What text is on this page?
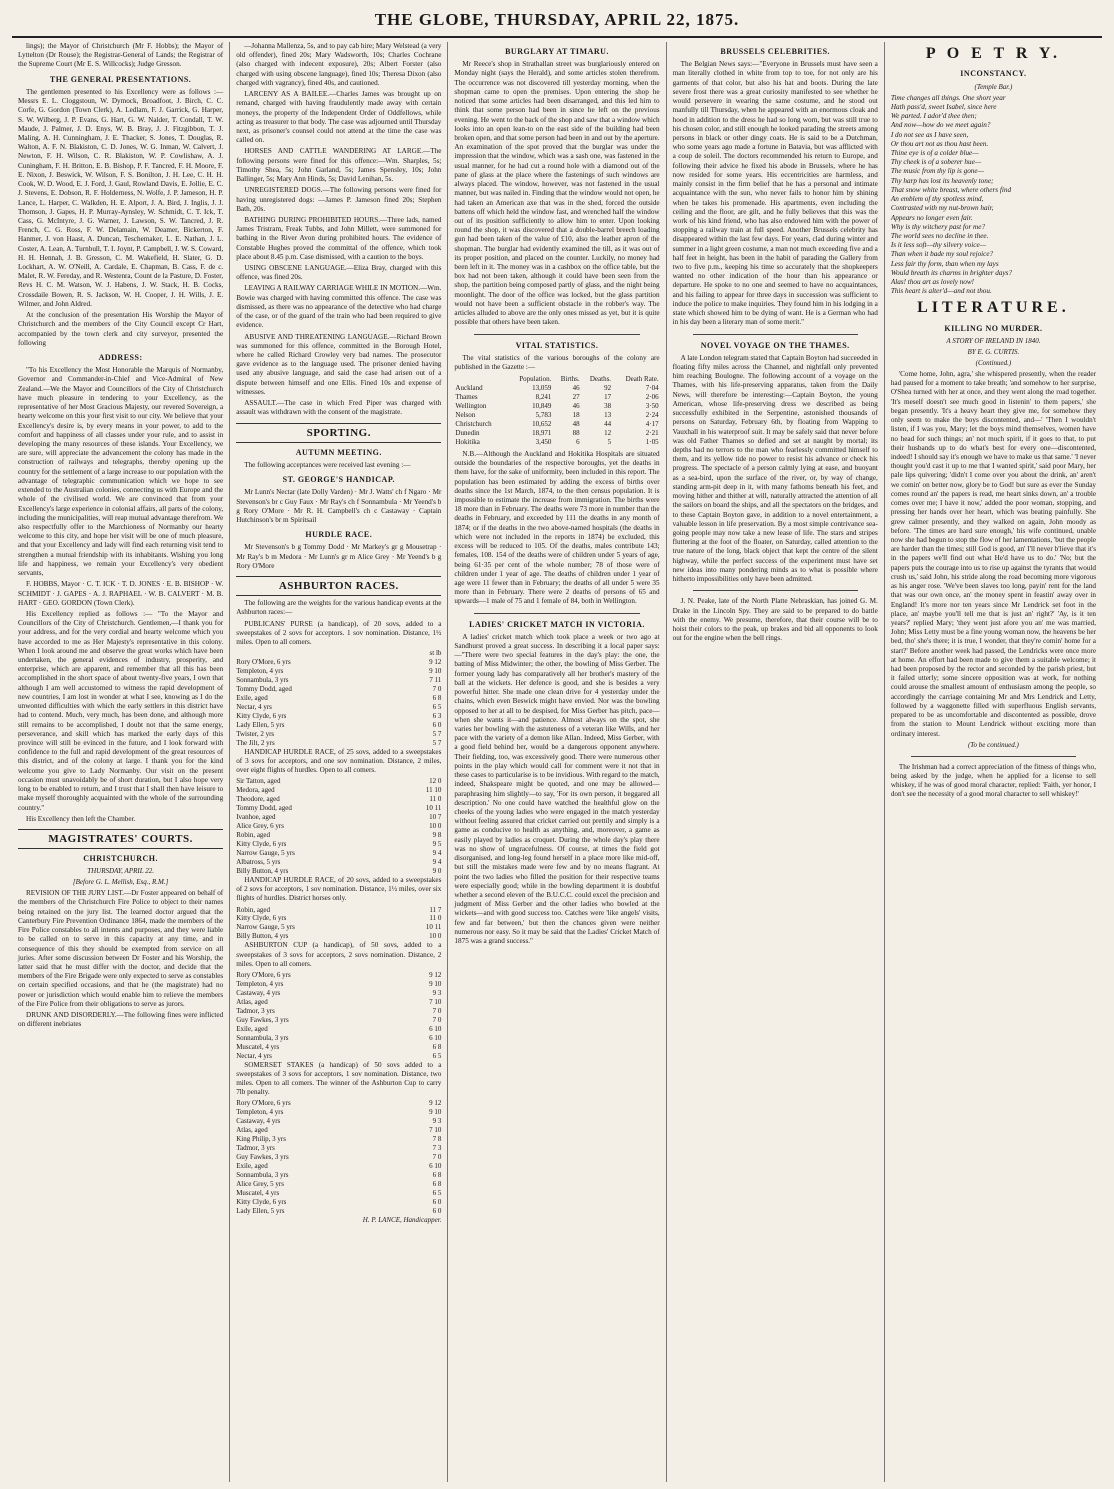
THE GLOBE, THURSDAY, APRIL 22, 1875.

lings); the Mayor of Christchurch (Mr F. Hobbs); the Mayor of Lyttelton (Dr Rouse); the Registrar-General of Lands; the Registrar of the Supreme Court (Mr E. S. Willcocks); Judge Gresson.

THE GENERAL PRESENTATIONS.

The gentlemen presented to his Excellency were as follows :— Messrs E. L. Cloggstoun, W. Dymock, Broadfoot, J. Birch, C. C. Corfe, G. Gordon (Town Clerk), A. Ledlam, F. J. Garrick, G. Harper, S. W. Wilberg, J. P. Evans, G. Hart, G. W. Nalder, T. Condall, T. W. Maude, J. Palmer, J. D. Enys, W. B. Bray, J. J. Fitzgibbon, T. J. Maling, A. H. Cunningham, J. E. Thacker, S. Jones, T. Douglas, R. Walton, A. F. N. Blakiston, C. D. Jones, W. G. Inman, W. Calvert, J. Newton, F. H. Wilson, C. R. Blakiston, W. P. Cowlishaw, A. J. Cuningham, F. H. Britton, E. B. Bishop, P. F. Tancred, F. H. Moore, F. E. Nixon, J. Beswick, W. Wilson, F. S. Bonilton, J. H. Lee, C. H. H. Cook, W. D. Wood, E. J. Ford, J. Gaul, Rowland Davis, E. Jollie, E. C. J. Stevens, E. Dobson, R. F. Holderness, N. Wolfe, J. P. Jameson, H. P. Lance, L. Harper, C. Walkden, H. E. Alport, J. A. Bird, J. Inglis, J. J. Thomson, J. Gapes, H. P. Murray-Aynsley, W. Schmidt, C. T. Ick, T. Cass, G. McIntyre, J. G. Warner, J. Lawson, S. W. Tancred, J. R. French, C. G. Ross, F. W. Delamain, W. Deamer, Bickerton, F. Hanmer, J. von Haast, A. Duncan, Teschemaker, L. E. Nathan, J. L. Coster, A. Lean, A. Turnbull, T. I. Joynt, P. Campbell, J. W. S. Coward, H. H. Hennah, J. B. Gresson, C. M. Wakefield, H. Slater, G. D. Lockhart, A. W. O'Neill, A. Cardale, E. Chapman, B. Cass, F. de c. Malet, R. W. Fereday, and R. Westenra, Count de la Pasture, D. Foster, Revs H. C. M. Watson, W. J. Habens, J. W. Stack, H. B. Cocks, Crossdaile Bowen, R. S. Jackson, W. H. Cooper, J. H. Wills, J. E. Wilmer, and John Aldred.

At the conclusion of the presentation His Worship the Mayor of Christchurch and the members of the City Council except Cr Hart, accompanied by the town clerk and city surveyor, presented the following

ADDRESS:

"To his Excellency the Most Honorable the Marquis of Normanby, Governor and Commander-in-Chief and Vice-Admiral of New Zealand.—We the Mayor and Councillors of the City of Christchurch have much pleasure in tendering to your Excellency, as the representative of her Most Gracious Majesty, our revered Sovereign, a hearty welcome on this your first visit to our city. We believe that your Excellency's desire is, by every means in your power, to add to the comfort and happiness of all classes under your rule, and to assist in developing the many resources of these islands. Your Excellency, we are sure, will appreciate the advancement the colony has made in the construction of railways and telegraphs, thereby opening up the country for the settlement of a large increase to our population with the advantage of telegraphic communication which we hope to see extended to the Australian colonies, connecting us with Europe and the whole of the civilised world. We are convinced that from your Excellency's large experience in colonial affairs, all parts of the colony, including the municipalities, will reap mutual advantage therefrom. We also respectfully offer to the Marchioness of Normanby our hearty welcome to this city, and hope her visit will be one of much pleasure, and that your Excellency and lady will find each returning visit tend to strengthen a mutual friendship with its inhabitants. Wishing you long life and happiness, we remain your Excellency's very obedient servants,

F. HOBBS, Mayor · C. T. ICK · T. D. JONES · E. B. BISHOP · W. SCHMIDT · J. GAPES · A. J. RAPHAEL · W. B. CALVERT · M. B. HART · GEO. GORDON (Town Clerk).

His Excellency replied as follows :— "To the Mayor and Councillors of the City of Christchurch. Gentlemen,—I thank you for your address, and for the very cordial and hearty welcome which you have accorded to me as Her Majesty's representative in this colony. When I look around me and observe the great works which have been undertaken, the general evidences of industry, prosperity, and enterprise, which are apparent, and remember that all this has been accomplished in the short space of about twenty-five years, I own that although I am well accustomed to witness the rapid development of new countries, I am lost in wonder at what I see, knowing as I do the unwonted difficulties with which the early settlers in this district have had to contend. Much, very much, has been done, and although more still remains to be accomplished, I doubt not that the same energy, perseverance, and skill which has marked the early days of this province will still be evinced in the future, and I look forward with confidence to the full and rapid development of the great resources of this district, and of the colony at large. I thank you for the kind welcome you give to Lady Normanby. Our visit on the present occasion must unavoidably be of short duration, but I also hope very long to be enabled to return, and I trust that I shall then have leisure to make myself thoroughly acquainted with the whole of the surrounding country."

His Excellency then left the Chamber.

MAGISTRATES' COURTS.
CHRISTCHURCH.
THURSDAY, APRIL 22.
[Before G. L. Mellish, Esq., R.M.]

REVISION OF THE JURY LIST.—Dr Foster appeared on behalf of the members of the Christchurch Fire Police to object to their names being retained on the jury list. The learned doctor argued that the Canterbury Fire Prevention Ordinance 1864, made the members of the Fire Police constables to all intents and purposes, and they were liable to be called on to serve in this capacity at any time, and in consequence of this they should be exempted from service on all juries. After some discussion between Dr Foster and his Worship, the latter said that he must differ with the doctor, and decide that the members of the Fire Brigade were only expected to serve as constables on certain specified occasions, and that he (the magistrate) had no power or jurisdiction which would enable him to relieve the members of the Fire Police from their obligations to serve as jurors.

DRUNK AND DISORDERLY.—The following fines were inflicted on different inebriates

—Johanna Mallenza, 5s, and to pay cab hire; Mary Welstead (a very old offender), fined 20s; Mary Wadsworth, 10s; Charles Cochrane (also charged with indecent exposure), 20s; Albert Forster (also charged with using obscene language), fined 10s; Theresa Dixon (also charged with vagrancy), fined 40s, and cautioned.

LARCENY AS A BAILEE.—Charles James was brought up on remand, charged with having fraudulently made away with certain moneys, the property of the Independent Order of Oddfellows, while acting as treasurer to that body. The case was adjourned until Thursday next, as prisoner's counsel could not attend at the time the case was called on.

HORSES AND CATTLE WANDERING AT LARGE.—The following persons were fined for this offence:—Wm. Sharples, 5s; Timothy Shea, 5s; John Garland, 5s; James Spensley, 10s; John Ballinger, 5s; Mary Ann Hinds, 5s; David Lenihan, 5s.

UNREGISTERED DOGS.—The following persons were fined for having unregistered dogs: —James P. Jameson fined 20s; Stephen Bath, 20s.

BATHING DURING PROHIBITED HOURS.—Three lads, named James Tristram, Freak Tubbs, and John Millett, were summoned for bathing in the River Avon during prohibited hours. The evidence of Constable Hughes proved the committal of the offence, which took place about 8.45 p.m. Case dismissed, with a caution to the boys.

USING OBSCENE LANGUAGE.—Eliza Bray, charged with this offence, was fined 20s.

LEAVING A RAILWAY CARRIAGE WHILE IN MOTION.—Wm. Bowie was charged with having committed this offence. The case was dismissed, as there was no appearance of the detective who had charge of the case, or of the guard of the train who had been required to give evidence.

ABUSIVE AND THREATENING LANGUAGE.—Richard Brown was summoned for this offence, committed in the Borough Hotel, where he called Richard Crowley very bad names. The prosecutor gave evidence as to the language used. The prisoner denied having used any abusive language, and said the case had arisen out of a dispute between himself and one Ellis. Fined 10s and expense of witnesses.

ASSAULT.—The case in which Fred Piper was charged with assault was withdrawn with the consent of the magistrate.

SPORTING.
AUTUMN MEETING.

The following acceptances were received last evening :—

ST. GEORGE'S HANDICAP.

Mr Lunn's Nectar (late Dolly Varden) · Mr J. Watts' ch f Ngaro · Mr Stevenson's br c Guy Faux · Mr Ray's ch f Sonnambula · Mr Yeend's b g Rory O'More · Mr R. H. Campbell's ch c Castaway · Captain Hutchinson's br m Spiritsail

HURDLE RACE.

Mr Stevenson's b g Tommy Dodd · Mr Markey's gr g Mousetrap · Mr Ray's b m Medora · Mr Lunn's gr m Alice Grey · Mr Yeend's b g Rory O'More

ASHBURTON RACES.

The following are the weights for the various handicap events at the Ashburton races:—

PUBLICANS' PURSE (a handicap), of 20 sovs, added to a sweepstakes of 2 sovs for acceptors. 1 sov nomination. Distance, 1½ miles. Open to all comers.

st lb
Rory O'More, 6 yrs	9 12
Templeton, 4 yrs	9 10
Sonnambula, 3 yrs	7 11
Tommy Dodd, aged	7 0
Exile, aged	6 8
Nectar, 4 yrs	6 5
Kitty Clyde, 6 yrs	6 3
Lady Ellen, 5 yrs	6 0
Twister, 2 yrs	5 7
The Jilt, 2 yrs	5 7

HANDICAP HURDLE RACE, of 25 sovs, added to a sweepstakes of 3 sovs for acceptors, and one sov nomination. Distance, 2 miles, over eight flights of hurdles. Open to all comers.

Sir Tatton, aged	12 0
Medora, aged	11 10
Theodore, aged	11 0
Tommy Dodd, aged	10 11
Ivanhoe, aged	10 7
Alice Grey, 6 yrs	10 0
Robin, aged	9 8
Kitty Clyde, 6 yrs	9 5
Narrow Gauge, 5 yrs	9 4
Albatross, 5 yrs	9 4
Billy Button, 4 yrs	9 0

HANDICAP HURDLE RACE, of 20 sovs, added to a sweepstakes of 2 sovs for acceptors, 1 sov nomination. Distance, 1½ miles, over six flights of hurdles. District horses only.

Robin, aged	11 7
Kitty Clyde, 6 yrs	11 0
Narrow Gauge, 5 yrs	10 11
Billy Button, 4 yrs	10 0

ASHBURTON CUP (a handicap), of 50 sovs, added to a sweepstakes of 3 sovs for acceptors, 2 sovs nomination. Distance, 2 miles. Open to all comers.

Rory O'More, 6 yrs	9 12
Templeton, 4 yrs	9 10
Castaway, 4 yrs	9 3
Atlas, aged	7 10
Tadmor, 3 yrs	7 0
Guy Fawkes, 3 yrs	7 0
Exile, aged	6 10
Sonnambula, 3 yrs	6 10
Muscatel, 4 yrs	6 8
Nectar, 4 yrs	6 5

SOMERSET STAKES (a handicap) of 50 sovs added to a sweepstakes of 3 sovs for acceptors, 1 sov nomination. Distance, two miles. Open to all comers. The winner of the Ashburton Cup to carry 7lb penalty.

Rory O'More, 6 yrs	9 12
Templeton, 4 yrs	9 10
Castaway, 4 yrs	9 3
Atlas, aged	7 10
King Philip, 3 yrs	7 8
Tadmor, 3 yrs	7 3
Guy Fawkes, 3 yrs	7 0
Exile, aged	6 10
Sonnambula, 3 yrs	6 8
Alice Grey, 5 yrs	6 8
Muscatel, 4 yrs	6 5
Kitty Clyde, 6 yrs	6 0
Lady Ellen, 5 yrs	6 0
H. P. LANCE, Handicapper.
BURGLARY AT TIMARU.

Mr Reece's shop in Strathallan street was burglariously entered on Monday night (says the Herald), and some articles stolen therefrom. The occurrence was not discovered till yesterday morning, when the shopman came to open the premises. Upon entering the shop he noticed that some articles had been disarranged, and this led him to think that some person had been in since he left on the previous evening. He went to the back of the shop and saw that a window which looks into an open lean-to on the east side of the building had been broken open, and that some person had been in and out by the aperture. An examination of the spot proved that the burglar was under the impression that the window, which was a sash one, was fastened in the usual manner, for he had cut a round hole with a diamond out of the pane of glass at the place where the fastenings of such windows are always placed. The window, however, was not fastened in the usual manner, but was nailed in. Finding that the window would not open, he had taken an American axe that was in the shed, forced the outside battens off which held the window fast, and wrenched half the window out of its position sufficiently to allow him to enter. Upon looking round the shop, it was discovered that a double-barrel breech loading gun had been taken of the value of £10, also the leather apron of the shopman. The burglar had evidently examined the till, as it was out of its proper position, and placed on the counter. Luckily, no money had been left in it. The money was in a cashbox on the office table, but the box had not been taken, although it could have been seen from the shop, the partition being composed partly of glass, and the night being moonlight. The door of the office was locked, but the glass partition would not have been a sufficient obstacle in the robber's way. The articles alluded to above are the only ones missed as yet, but it is quite possible that others have been taken.

VITAL STATISTICS.

The vital statistics of the various boroughs of the colony are published in the Gazette :—

	Population.	Births.	Deaths.	Death Rate.
Auckland	13,059	46	92	7·04
Thames	8,241	27	17	2·06
Wellington	10,849	46	38	3·50
Nelson	5,783	18	13	2·24
Christchurch	10,652	48	44	4·17
Dunedin	18,971	88	12	2·21
Hokitika	3,450	6	5	1·05

N.B.—Although the Auckland and Hokitika Hospitals are situated outside the boundaries of the respective boroughs, yet the deaths in them have, for the sake of uniformity, been included in this report. The population has been estimated by adding the excess of births over deaths since the 1st March, 1874, to the then census population. It is impossible to estimate the increase from immigration. The births were 18 more than in February. The deaths were 73 more in number than the deaths in February, and exceeded by 111 the deaths in any month of 1874; or if the deaths in the two above-named hospitals (the deaths in which were not included in the reports in 1874) be excluded, this excess will be reduced to 105. Of the deaths, males contribute 143; females, 108. 154 of the deaths were of children under 5 years of age, being 61·35 per cent of the whole number; 78 of those were of children under 1 year of age. The deaths of children under 1 year of age were 11 fewer than in February; the deaths of all under 5 were 35 more than in February. There were 2 deaths of persons of 65 and upwards—1 male of 75 and 1 female of 84, both in Wellington.

LADIES' CRICKET MATCH IN VICTORIA.

A ladies' cricket match which took place a week or two ago at Sandhurst proved a great success. In describing it a local paper says:—"There were two special features in the day's play: the one, the batting of Miss Midwinter; the other, the bowling of Miss Gerber. The former young lady has comparatively all her brother's mastery of the ball at the wickets. Her defence is good, and she is besides a very powerful hitter. She made one clean drive for 4 yesterday under the chains, which even Beswick might have envied. Nor was the bowling opposed to her at all to be despised, for Miss Gerber has pitch, pace—when she wants it—and patience. Almost always on the spot, she varies her bowling with the astuteness of a veteran like Wills, and her pace with the variety of a demon like Allan. Indeed, Miss Gerber, with a good field behind her, would be a dangerous opponent anywhere. Their fielding, too, was excessively good. There were numerous other points in the play which would call for comment were it not that in these cases to particularise is to be invidious. With regard to the match, indeed, Shakspeare might be quoted, and one may be allowed—paraphrasing him slightly—to say, 'For its own person, it beggared all description.' No one could have watched the healthful glow on the cheeks of the young ladies who were engaged in the match yesterday without feeling assured that cricket carried out prettily and simply is a game as conducive to health as anything, and, moreover, a game as easily played by ladies as croquet. During the whole day's play there was no show of ungracefulness. Of course, at times the field got disorganised, and long-leg found herself in a place more like mid-off, but still the mistakes made were few and by no means flagrant. At point the two ladies who filled the position for their respective teams were especially good; while in the bowling department it is doubtful whether a second eleven of the B.U.C.C. could excel the precision and judgment of Miss Gerber and the other ladies who bowled at the wickets—and with good success too. Catches were 'like angels' visits, few and far between,' but then the chances given were neither numerous nor easy. So it may be said that the Ladies' Cricket Match of 1875 was a grand success."

BRUSSELS CELEBRITIES.

The Belgian News says:—"Everyone in Brussels must have seen a man literally clothed in white from top to toe, for not only are his garments of that color, but also his hat and boots. During the late severe frost there was a great curiosity manifested to see whether he would persevere in wearing the same costume, and he stood out manfully till Thursday, when he appeared with an enormous cloak and hood in addition to the dress he had so long worn, but was still true to his chosen color, and still enough he looked parading the streets among persons in black or other dingy coats. He is said to be a Dutchman, who some years ago made a fortune in Batavia, but was afflicted with a coup de soleil. The doctors recommended his return to Europe, and following their advice he fixed his abode in Brussels, where he has now resided for some years. His eccentricities are harmless, and mainly consist in the firm belief that he has a personal and intimate acquaintance with the sun, who never fails to honor him by shining when he takes his promenade. His apartments, even including the ceiling and the floor, are gilt, and he fully believes that this was the work of his kind friend, who has also endowed him with the power of stopping a railway train at full speed. Another Brussels celebrity has disappeared within the last few days. For years, clad during winter and summer in a light green costume, a man not much exceeding five and a half feet in height, has been in the habit of parading the Gallery from two to five p.m., keeping his time so accurately that the shopkeepers wanted no other indication of the hour than his appearance or departure. He spoke to no one and seemed to have no acquaintances, and his failing to appear for three days in succession was sufficient to induce the police to make inquiries. They found him in his lodging in a state which showed him to be dying of want. He is a German who had in his day been a literary man of some merit."

NOVEL VOYAGE ON THE THAMES.

A late London telegram stated that Captain Boyton had succeeded in floating fifty miles across the Channel, and nightfall only prevented him reaching Boulogne. The following account of a voyage on the Thames, with his life-preserving apparatus, taken from the Daily News, will therefore be interesting:—Captain Boyton, the young American, whose life-preserving dress we described as being successfully exhibited in the Serpentine, astonished thousands of persons on Saturday, February 6th, by floating from Wapping to Vauxhall in his waterproof suit. It may be safely said that never before was old Father Thames so defied and set at naught by mortal; its depths had no terrors to the man who fearlessly committed himself to them, and its yellow tide no power to resist his advance or check his progress. The spectacle of a person calmly lying at ease, and buoyant as a sea-bird, upon the surface of the river, or, by way of change, standing arm-pit deep in it, with many fathoms beneath his feet, and moving hither and thither at will, naturally attracted the attention of all the sailors on board the ships, and all the spectators on the bridges, and to these Captain Boyton gave, in addition to a novel entertainment, a valuable lesson in life preservation. By a most simple contrivance sea-going people may now take a new lease of life. The stars and stripes fluttering at the foot of the floater, on Saturday, called attention to the true nature of the long, black object that kept the centre of the silent highway, while the perfect success of the experiment must have set new ideas into many pondering minds as to what is possible where hitherto impossibilities only have been admitted.

J. N. Peake, late of the North Platte Nebraskian, has joined G. M. Drake in the Lincoln Spy. They are said to be prepared to do battle with the enemy. We presume, therefore, that their course will be to hoist their colors to the peak, up brakes and bid all opponents to look out for the engine when the bell rings.

P O E T R Y.
INCONSTANCY.
(Temple Bar.)
Time changes all things. One short year
Hath pass'd, sweet Isabel, since here
We parted. I ador'd thee then;
And now—how do we meet again?
I do not see as I have seen,
Or thou art not as thou hast been.
Thine eye is of a colder blue—
Thy cheek is of a soberer hue—
The music from thy lip is gone—
Thy harp has lost its heavenly tone;
That snow white breast, where others find
An emblem of thy spotless mind,
Contrasted with my nut-brown hair,
Appears no longer even fair.
Why is thy witchery past for me?
The world sees no decline in thee.
Is it less soft—thy silvery voice—
Than when it bade my soul rejoice?
Less fair thy form, than when my lays
Would breath its charms in brighter days?
Alas! thou art as lovely now!
This heart is alter'd—and not thou.
LITERATURE.
KILLING NO MURDER.
A STORY OF IRELAND IN 1840.
BY E. G. CURTIS.
(Continued.)

'Come home, John, agra,' she whispered presently, when the reader had paused for a moment to take breath; 'and somehow to her surprise, O'Shea turned with her at once, and they went along the road together. 'It's meself doesn't see much good in listenin' to them papers,' she began presently. 'It's a heavy heart they give me, for somehow they only seem to make the boys discontented, and—' 'Then I wouldn't listen, if I was you, Mary; let the boys mind themselves, women have no head for such things; an' not much spirit, if it goes to that, to put their husbands up to do what's best for every one—discontented, indeed! I should say it's enough we have to make us that same.' 'I never thought you'd cast it up to me that I wanted spirit,' said poor Mary, her pale lips quivering; 'didn't I come over you about the drink, an' aren't we comin' on better now, glory be to God! but sure as ever the Sunday comes round an' the papers is read, me heart sinks down, an' a trouble comes over me; I have it now,' added the poor woman, stopping, and pressing her hands over her heart, which was beating painfully. She grew calmer presently, and they walked on again, John moody as before. 'The times are hard sure enough,' his wife continued, unable now she had begun to stop the flow of her lamentations, 'but the people are harder than the times; still God is good, an' I'll never b'lieve that it's in the papers we'll find out what He'd have us to do.' 'No; but the papers puts the courage into us to rise up against the tyrants that would crush us,' said John, his stride along the road becoming more vigorous as his anger rose. 'We've been slaves too long, payin' rent for the land that was our own once, an' the money spent in feastin' away over in England! It's more nor ten years since Mr Lendrick set foot in the place, an' maybe you'll tell me that is just an' right?' 'Ay, is it ten years?' replied Mary; 'they went just afore you an' me was married, John; Miss Letty must be a fine young woman now, the heavens be her bed, tho' she's there; it is true, I wonder, that they're comin' home for a start?' Before another week had passed, the Lendricks were once more at home. An effort had been made to give them a suitable welcome; it had been proposed by the rector and seconded by the parish priest, but it failed utterly; some sincere opposition was at work, for nothing could arouse the smallest amount of enthusiasm among the people, so accordingly the carriage containing Mr and Mrs Lendrick and Letty, followed by a waggonette filled with superfluous English servants, prepared to be as uncomfortable and discontented as possible, drove from the station to Mount Lendrick without exciting more than ordinary interest.

(To be continued.)

The Irishman had a correct appreciation of the fitness of things who, being asked by the judge, when he applied for a license to sell whiskey, if he was of good moral character, replied: 'Faith, yer honor, I don't see the necessity of a good moral character to sell whiskey!'
